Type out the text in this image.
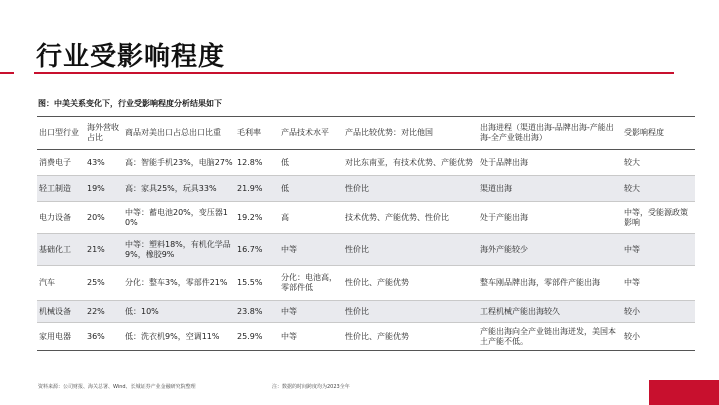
行业受影响程度
图：中美关系变化下，行业受影响程度分析结果如下
出口型行业	海外营收占比	商品对美出口占总出口比重	毛利率	产品技术水平	产品比较优势：对比他国	出海进程（渠道出海-品牌出海-产能出海-全产业链出海）	受影响程度
消费电子	43%	高：智能手机23%，电脑27%	12.8%	低	对比东南亚，有技术优势、产能优势	处于品牌出海	较大
轻工制造	19%	高：家具25%，玩具33%	21.9%	低	性价比	渠道出海	较大
电力设备	20%	中等：蓄电池20%，变压器10%	19.2%	高	技术优势、产能优势、性价比	处于产能出海	中等，受能源政策影响
基础化工	21%	中等：塑料18%，有机化学品9%，橡胶9%	16.7%	中等	性价比	海外产能较少	中等
汽车	25%	分化：整车3%，零部件21%	15.5%	分化：电池高，零部件低	性价比、产能优势	整车刚品牌出海，零部件产能出海	中等
机械设备	22%	低：10%	23.8%	中等	性价比	工程机械产能出海较久	较小
家用电器	36%	低：洗衣机9%，空调11%	25.9%	中等	性价比、产能优势	产能出海向全产业链出海迸发，美国本土产能不低。	较小
资料来源：公司财报、海关总署、Wind、长城证券产业金融研究院整理	注：数据的时间跨度均为2023全年
